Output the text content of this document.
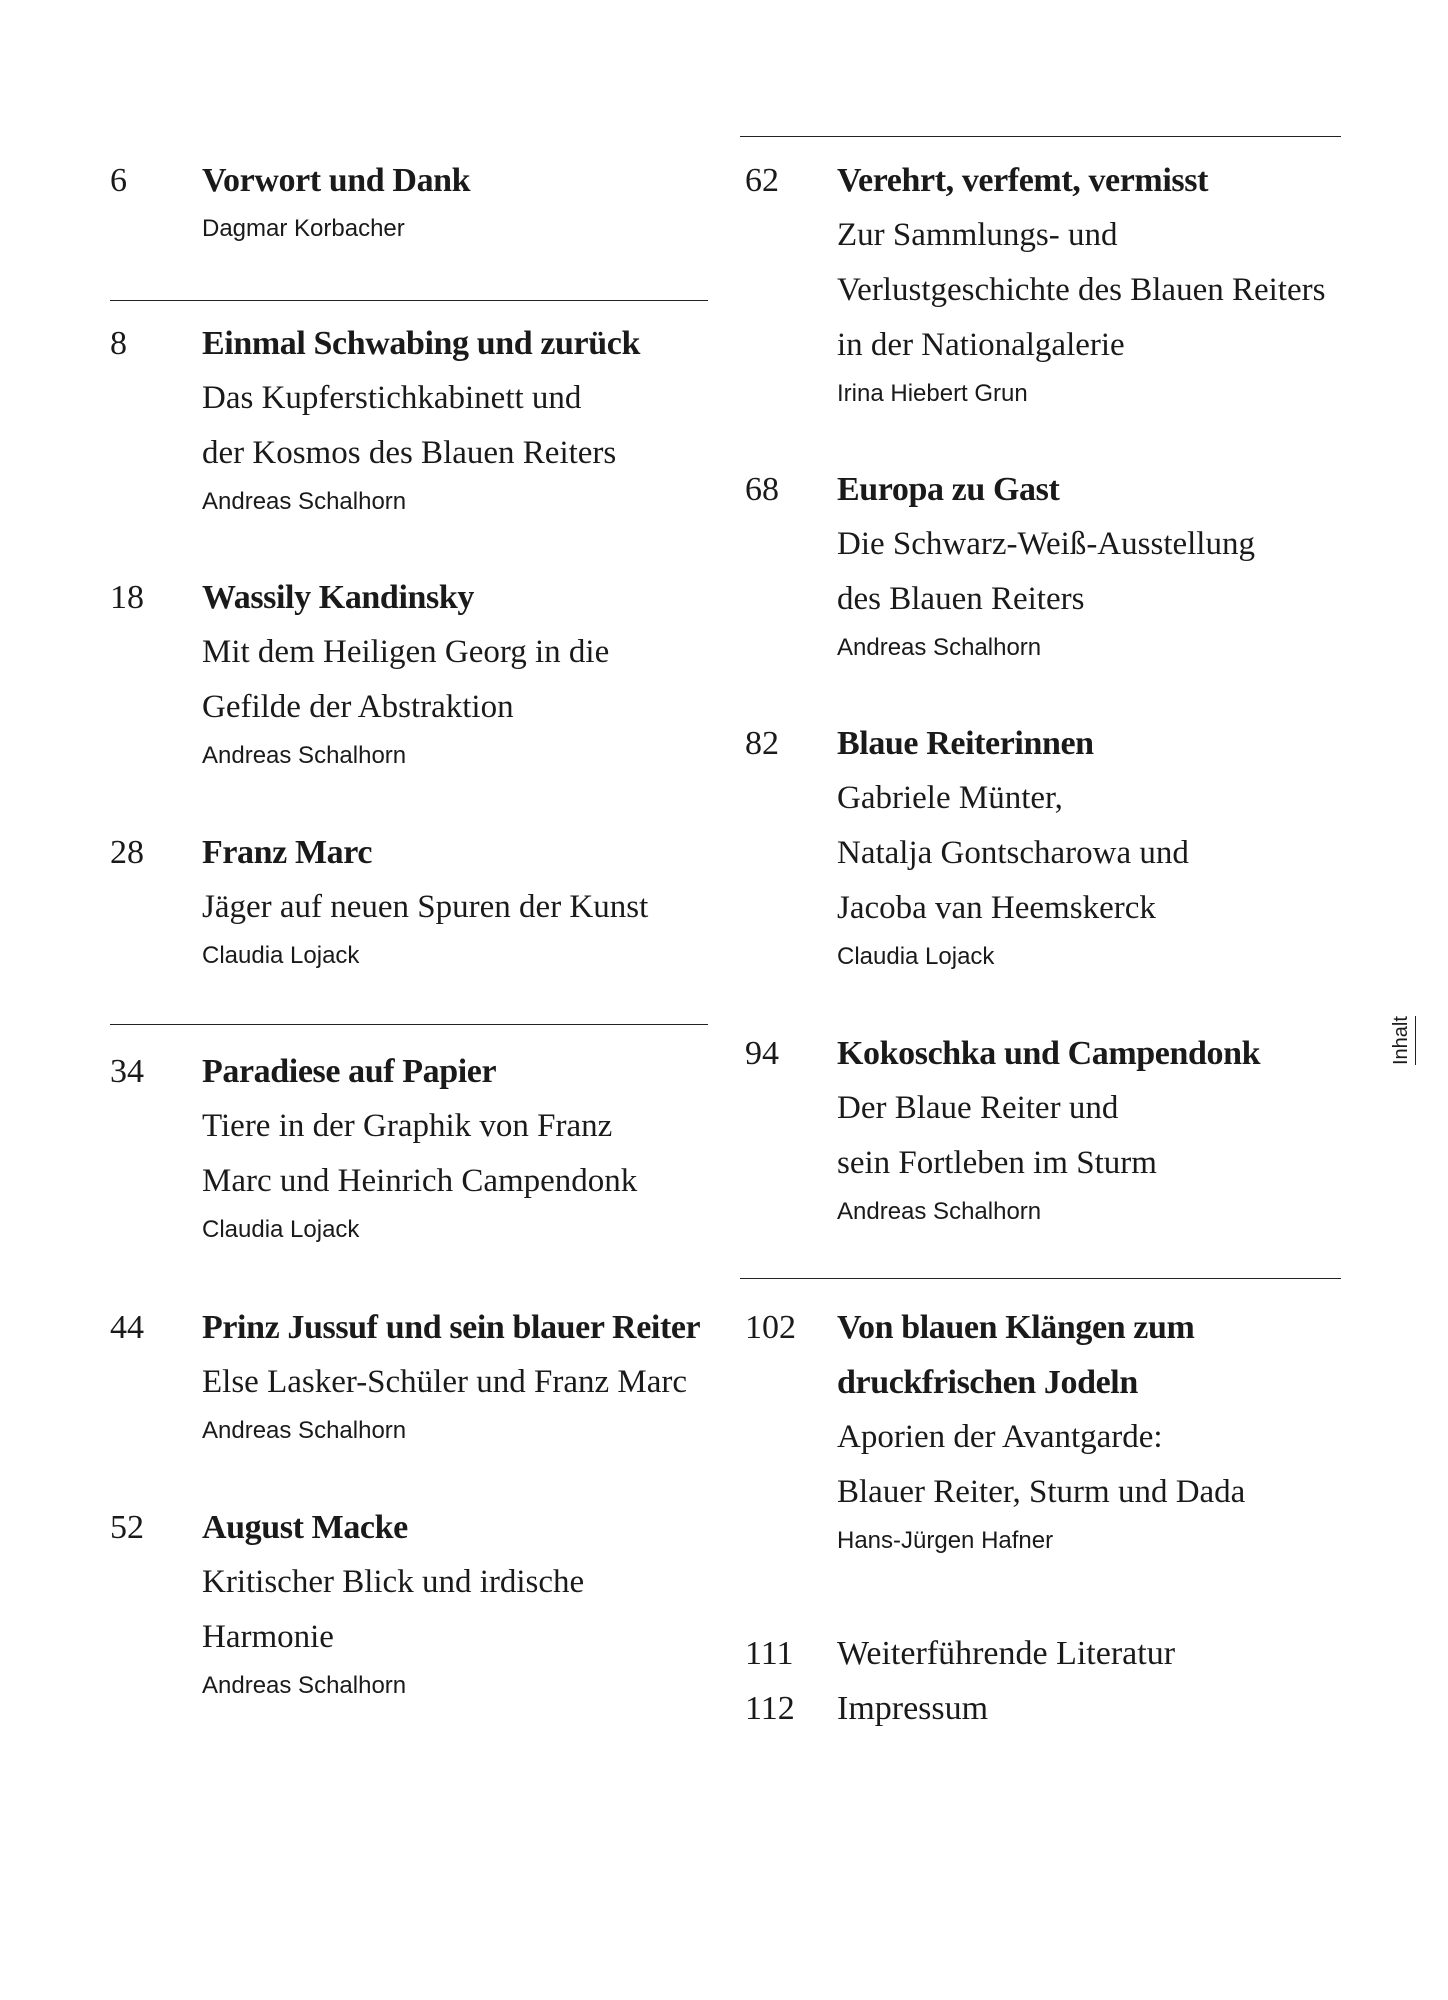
6 Vorwort und Dank
Dagmar Korbacher
8 Einmal Schwabing und zurück
Das Kupferstichkabinett und
der Kosmos des Blauen Reiters
Andreas Schalhorn
18 Wassily Kandinsky
Mit dem Heiligen Georg in die
Gefilde der Abstraktion
Andreas Schalhorn
28 Franz Marc
Jäger auf neuen Spuren der Kunst
Claudia Lojack
34 Paradiese auf Papier
Tiere in der Graphik von Franz
Marc und Heinrich Campendonk
Claudia Lojack
44 Prinz Jussuf und sein blauer Reiter
Else Lasker-Schüler und Franz Marc
Andreas Schalhorn
52 August Macke
Kritischer Blick und irdische
Harmonie
Andreas Schalhorn
62 Verehrt, verfemt, vermisst
Zur Sammlungs- und
Verlustgeschichte des Blauen Reiters
in der Nationalgalerie
Irina Hiebert Grun
68 Europa zu Gast
Die Schwarz-Weiß-Ausstellung
des Blauen Reiters
Andreas Schalhorn
82 Blaue Reiterinnen
Gabriele Münter,
Natalja Gontscharowa und
Jacoba van Heemskerck
Claudia Lojack
94 Kokoschka und Campendonk
Der Blaue Reiter und
sein Fortleben im Sturm
Andreas Schalhorn
102 Von blauen Klängen zum
druckfrischen Jodeln
Aporien der Avantgarde:
Blauer Reiter, Sturm und Dada
Hans-Jürgen Hafner
111 Weiterführende Literatur
112 Impressum
Inhalt
